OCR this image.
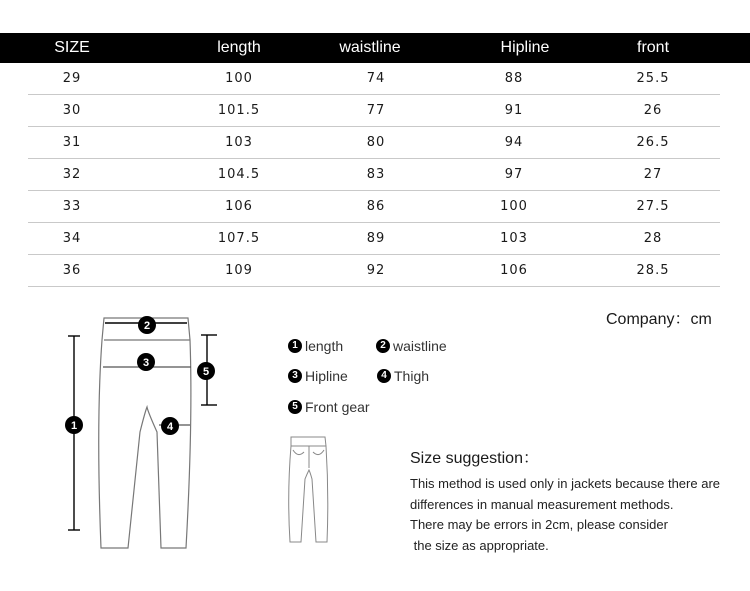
SIZE	length	waistline	Hipline	front
29	100	74	88	25.5
30	101.5	77	91	26
31	103	80	94	26.5
32	104.5	83	97	27
33	106	86	100	27.5
34	107.5	89	103	28
36	109	92	106	28.5
Company：cm
1
2
3
4
5
1 length	2 waistline
3 Hipline	4 Thigh
5 Front gear
Size suggestion：
This method is used only in jackets because there are
differences in manual measurement methods.
There may be errors in 2cm, please consider
the size as appropriate.
